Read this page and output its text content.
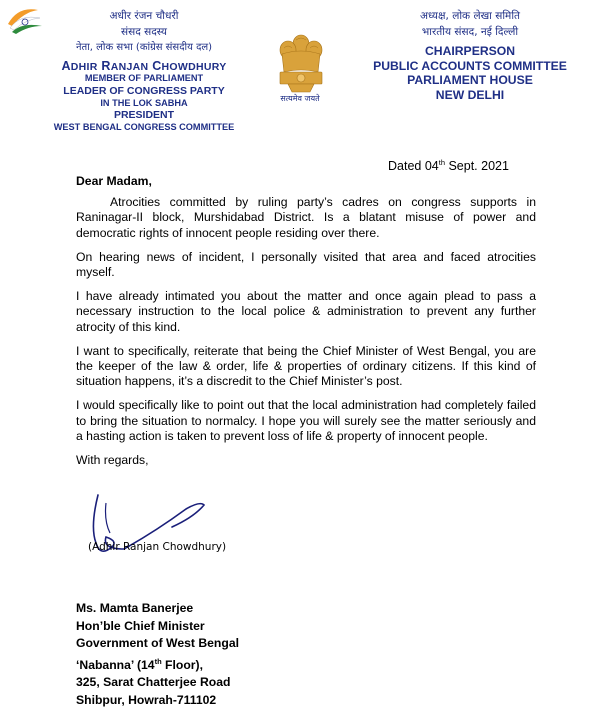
अधीर रंजन चौधरी
संसद सदस्य
नेता, लोक सभा (कांग्रेस संसदीय दल)
ADHIR RANJAN CHOWDHURY
MEMBER OF PARLIAMENT
LEADER OF CONGRESS PARTY
IN THE LOK SABHA
PRESIDENT
WEST BENGAL CONGRESS COMMITTEE
सत्यमेव जयते
अध्यक्ष, लोक लेखा समिति
भारतीय संसद, नई दिल्ली
CHAIRPERSON
PUBLIC ACCOUNTS COMMITTEE
PARLIAMENT HOUSE
NEW DELHI
Dated 04th Sept. 2021

Dear Madam,

Atrocities committed by ruling party’s cadres on congress supports in Raninagar-II block, Murshidabad District. Is a blatant misuse of power and democratic rights of innocent people residing over there.

On hearing news of incident, I personally visited that area and faced atrocities myself.

I have already intimated you about the matter and once again plead to pass a necessary instruction to the local police & administration to prevent any further atrocity of this kind.

I want to specifically, reiterate that being the Chief Minister of West Bengal, you are the keeper of the law & order, life & properties of ordinary citizens. If this kind of situation happens, it’s a discredit to the Chief Minister’s post.

I would specifically like to point out that the local administration had completely failed to bring the situation to normalcy. I hope you will surely see the matter seriously and a hasting action is taken to prevent loss of life & property of innocent people.

With regards,

(Adhir Ranjan Chowdhury)
Ms. Mamta Banerjee
Hon’ble Chief Minister
Government of West Bengal
‘Nabanna’ (14th Floor),
325, Sarat Chatterjee Road
Shibpur, Howrah-711102
